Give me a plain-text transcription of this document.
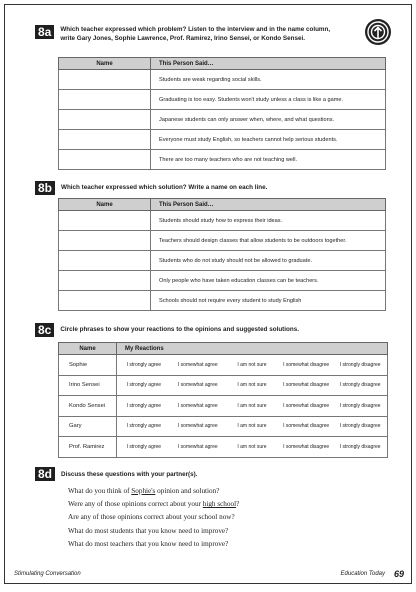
8a	Which teacher expressed which problem? Listen to the interview and in the name column, write Gary Jones, Sophie Lawrence, Prof. Ramirez, Irino Sensei, or Kondo Sensei.
Name	This Person Said…
	Students are weak regarding social skills.
	Graduating is too easy. Students won't study unless a class is like a game.
	Japanese students can only answer when, where, and what questions.
	Everyone must study English, so teachers cannot help serious students.
	There are too many teachers who are not teaching well.
8b	Which teacher expressed which solution? Write a name on each line.
Name	This Person Said…
	Students should study how to express their ideas.
	Teachers should design classes that allow students to be outdoors together.
	Students who do not study should not be allowed to graduate.
	Only people who have taken education classes can be teachers.
	Schools should not require every student to study English
8c	Circle phrases to show your reactions to the opinions and suggested solutions.
Name	My Reactions				
Sophie	I strongly agree	I somewhat agree	I am not sure	I somewhat disagree	I strongly disagree
Irino Sensei	I strongly agree	I somewhat agree	I am not sure	I somewhat disagree	I strongly disagree
Kondo Sensei	I strongly agree	I somewhat agree	I am not sure	I somewhat disagree	I strongly disagree
Gary	I strongly agree	I somewhat agree	I am not sure	I somewhat disagree	I strongly disagree
Prof. Ramirez	I strongly agree	I somewhat agree	I am not sure	I somewhat disagree	I strongly disagree
8d	Discuss these questions with your partner(s).
What do you think of Sophie's opinion and solution?
Were any of those opinions correct about your high school?
Are any of those opinions correct about your school now?
What do most students that you know need to improve?
What do most teachers that you know need to improve?
Stimulating Conversation	Education Today 69
